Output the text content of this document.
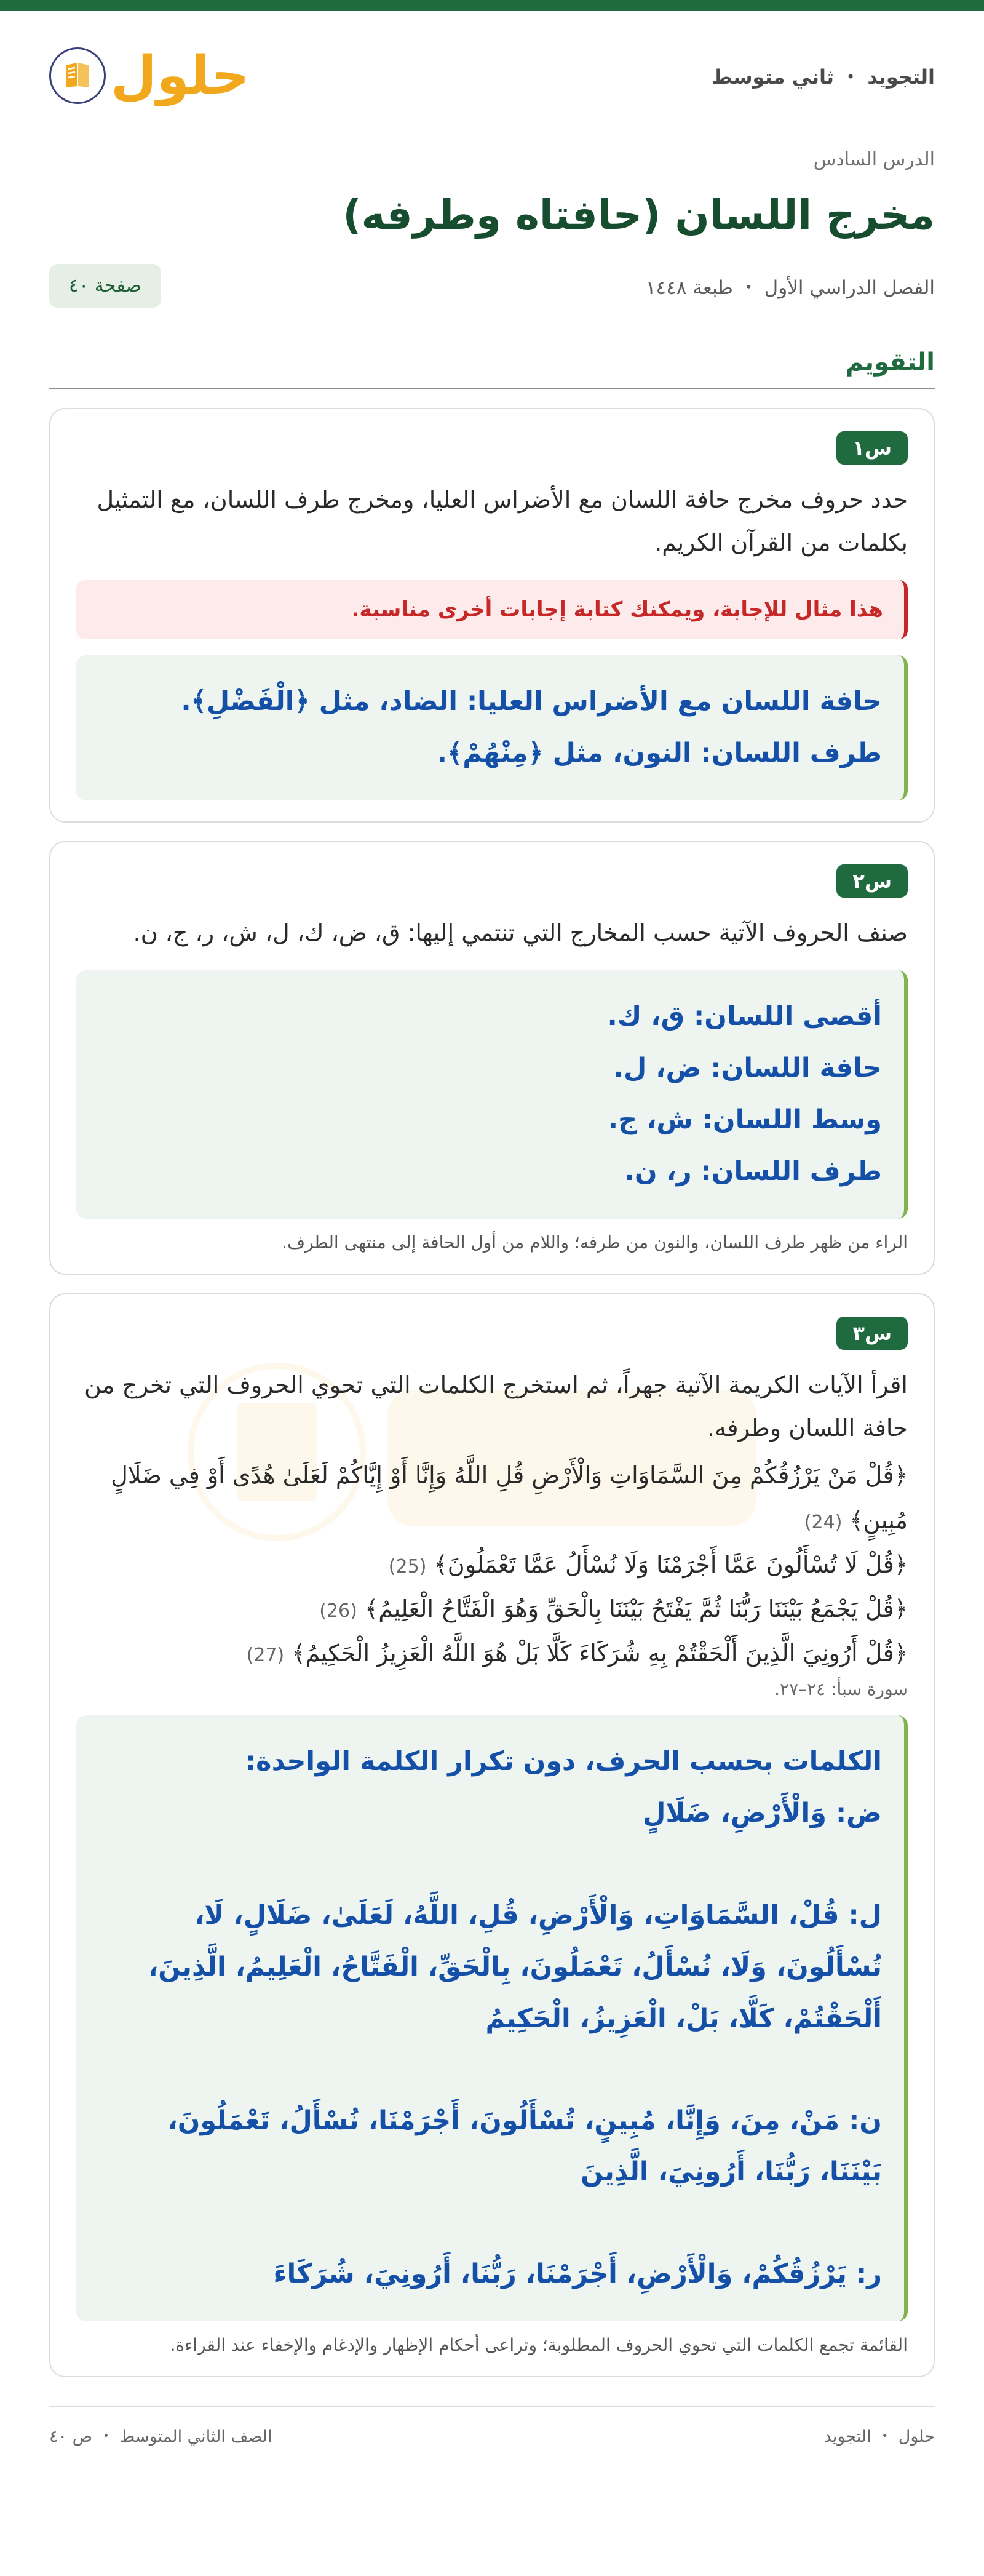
التجويد ・ ثاني متوسط
حلول
الدرس السادس
مخرج اللسان (حافتاه وطرفه)
الفصل الدراسي الأول ・ طبعة ١٤٤٨
صفحة ٤٠
التقويم
س١

حدد حروف مخرج حافة اللسان مع الأضراس العليا، ومخرج طرف اللسان، مع التمثيل بكلمات من القرآن الكريم.

هذا مثال للإجابة، ويمكنك كتابة إجابات أخرى مناسبة.
حافة اللسان مع الأضراس العليا: الضاد، مثل ﴿الْفَضْلِ﴾.
طرف اللسان: النون، مثل ﴿مِنْهُمْ﴾.
س٢

صنف الحروف الآتية حسب المخارج التي تنتمي إليها: ق، ض، ك، ل، ش، ر، ج، ن.

أقصى اللسان: ق، ك.
حافة اللسان: ض، ل.
وسط اللسان: ش، ج.
طرف اللسان: ر، ن.

الراء من ظهر طرف اللسان، والنون من طرفه؛ واللام من أول الحافة إلى منتهى الطرف.

س٣

اقرأ الآيات الكريمة الآتية جهراً، ثم استخرج الكلمات التي تحوي الحروف التي تخرج من حافة اللسان وطرفه.

﴿قُلْ مَنْ يَرْزُقُكُمْ مِنَ السَّمَاوَاتِ وَالْأَرْضِ قُلِ اللَّهُ وَإِنَّا أَوْ إِيَّاكُمْ لَعَلَىٰ هُدًى أَوْ فِي ضَلَالٍ مُبِينٍ﴾ (24)

﴿قُلْ لَا تُسْأَلُونَ عَمَّا أَجْرَمْنَا وَلَا نُسْأَلُ عَمَّا تَعْمَلُونَ﴾ (25)

﴿قُلْ يَجْمَعُ بَيْنَنَا رَبُّنَا ثُمَّ يَفْتَحُ بَيْنَنَا بِالْحَقِّ وَهُوَ الْفَتَّاحُ الْعَلِيمُ﴾ (26)

﴿قُلْ أَرُونِيَ الَّذِينَ أَلْحَقْتُمْ بِهِ شُرَكَاءَ كَلَّا بَلْ هُوَ اللَّهُ الْعَزِيزُ الْحَكِيمُ﴾ (27)

سورة سبأ: ٢٤–٢٧.

الكلمات بحسب الحرف، دون تكرار الكلمة الواحدة:
ض: وَالْأَرْضِ، ضَلَالٍ
ل: قُلْ، السَّمَاوَاتِ، وَالْأَرْضِ، قُلِ، اللَّهُ، لَعَلَىٰ، ضَلَالٍ، لَا، تُسْأَلُونَ، وَلَا، نُسْأَلُ، تَعْمَلُونَ، بِالْحَقِّ، الْفَتَّاحُ، الْعَلِيمُ، الَّذِينَ، أَلْحَقْتُمْ، كَلَّا، بَلْ، الْعَزِيزُ، الْحَكِيمُ
ن: مَنْ، مِنَ، وَإِنَّا، مُبِينٍ، تُسْأَلُونَ، أَجْرَمْنَا، نُسْأَلُ، تَعْمَلُونَ، بَيْنَنَا، رَبُّنَا، أَرُونِيَ، الَّذِينَ
ر: يَرْزُقُكُمْ، وَالْأَرْضِ، أَجْرَمْنَا، رَبُّنَا، أَرُونِيَ، شُرَكَاءَ

القائمة تجمع الكلمات التي تحوي الحروف المطلوبة؛ وتراعى أحكام الإظهار والإدغام والإخفاء عند القراءة.

حلول ・ التجويد
الصف الثاني المتوسط ・ ص ٤٠
